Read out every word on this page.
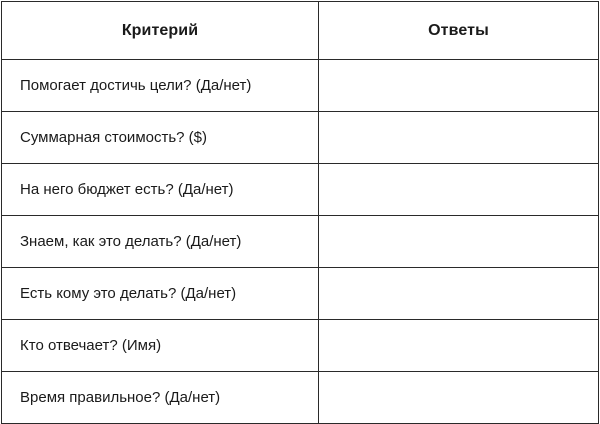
Критерий	Ответы
Помогает достичь цели? (Да/нет)	
Суммарная стоимость? ($)	
На него бюджет есть? (Да/нет)	
Знаем, как это делать? (Да/нет)	
Есть кому это делать? (Да/нет)	
Кто отвечает? (Имя)	
Время правильное? (Да/нет)	
